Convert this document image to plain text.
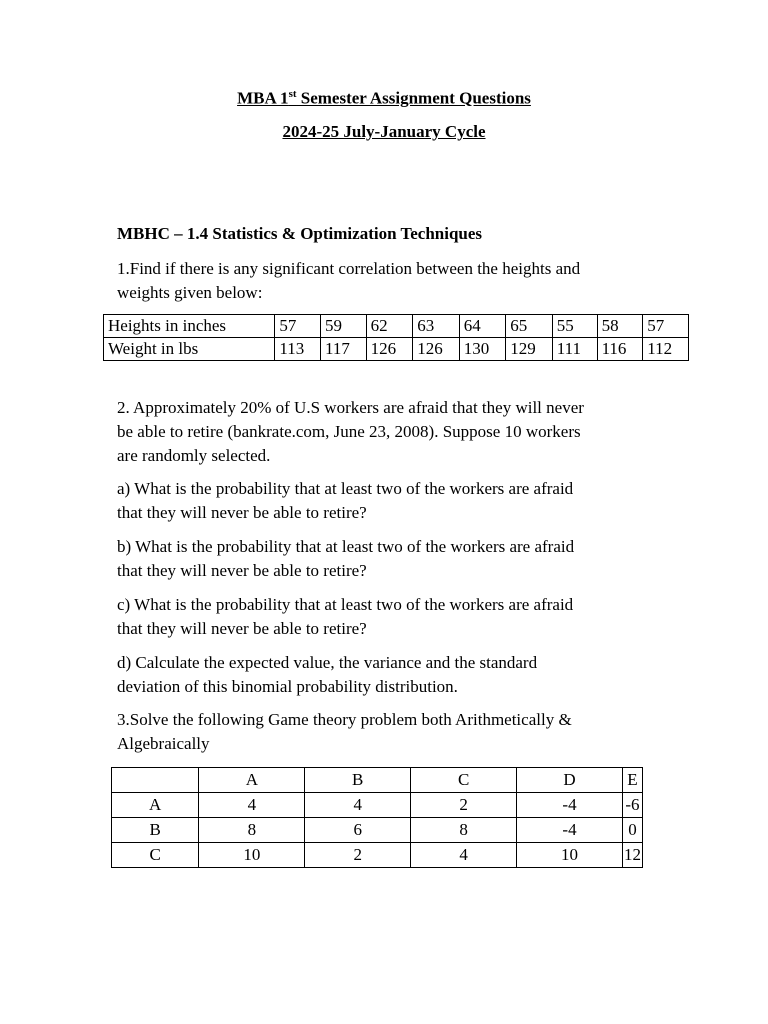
MBA 1st Semester Assignment Questions
2024-25 July-January Cycle
MBHC – 1.4 Statistics & Optimization Techniques
1.Find if there is any significant correlation between the heights and
weights given below:
Heights in inches	57	59	62	63	64	65	55	58	57
Weight in lbs	113	117	126	126	130	129	111	116	112
2. Approximately 20% of U.S workers are afraid that they will never
be able to retire (bankrate.com, June 23, 2008). Suppose 10 workers
are randomly selected.
a) What is the probability that at least two of the workers are afraid
that they will never be able to retire?
b) What is the probability that at least two of the workers are afraid
that they will never be able to retire?
c) What is the probability that at least two of the workers are afraid
that they will never be able to retire?
d) Calculate the expected value, the variance and the standard
deviation of this binomial probability distribution.
3.Solve the following Game theory problem both Arithmetically &
Algebraically
	A	B	C	D	E
A	4	4	2	-4	-6
B	8	6	8	-4	0
C	10	2	4	10	12
